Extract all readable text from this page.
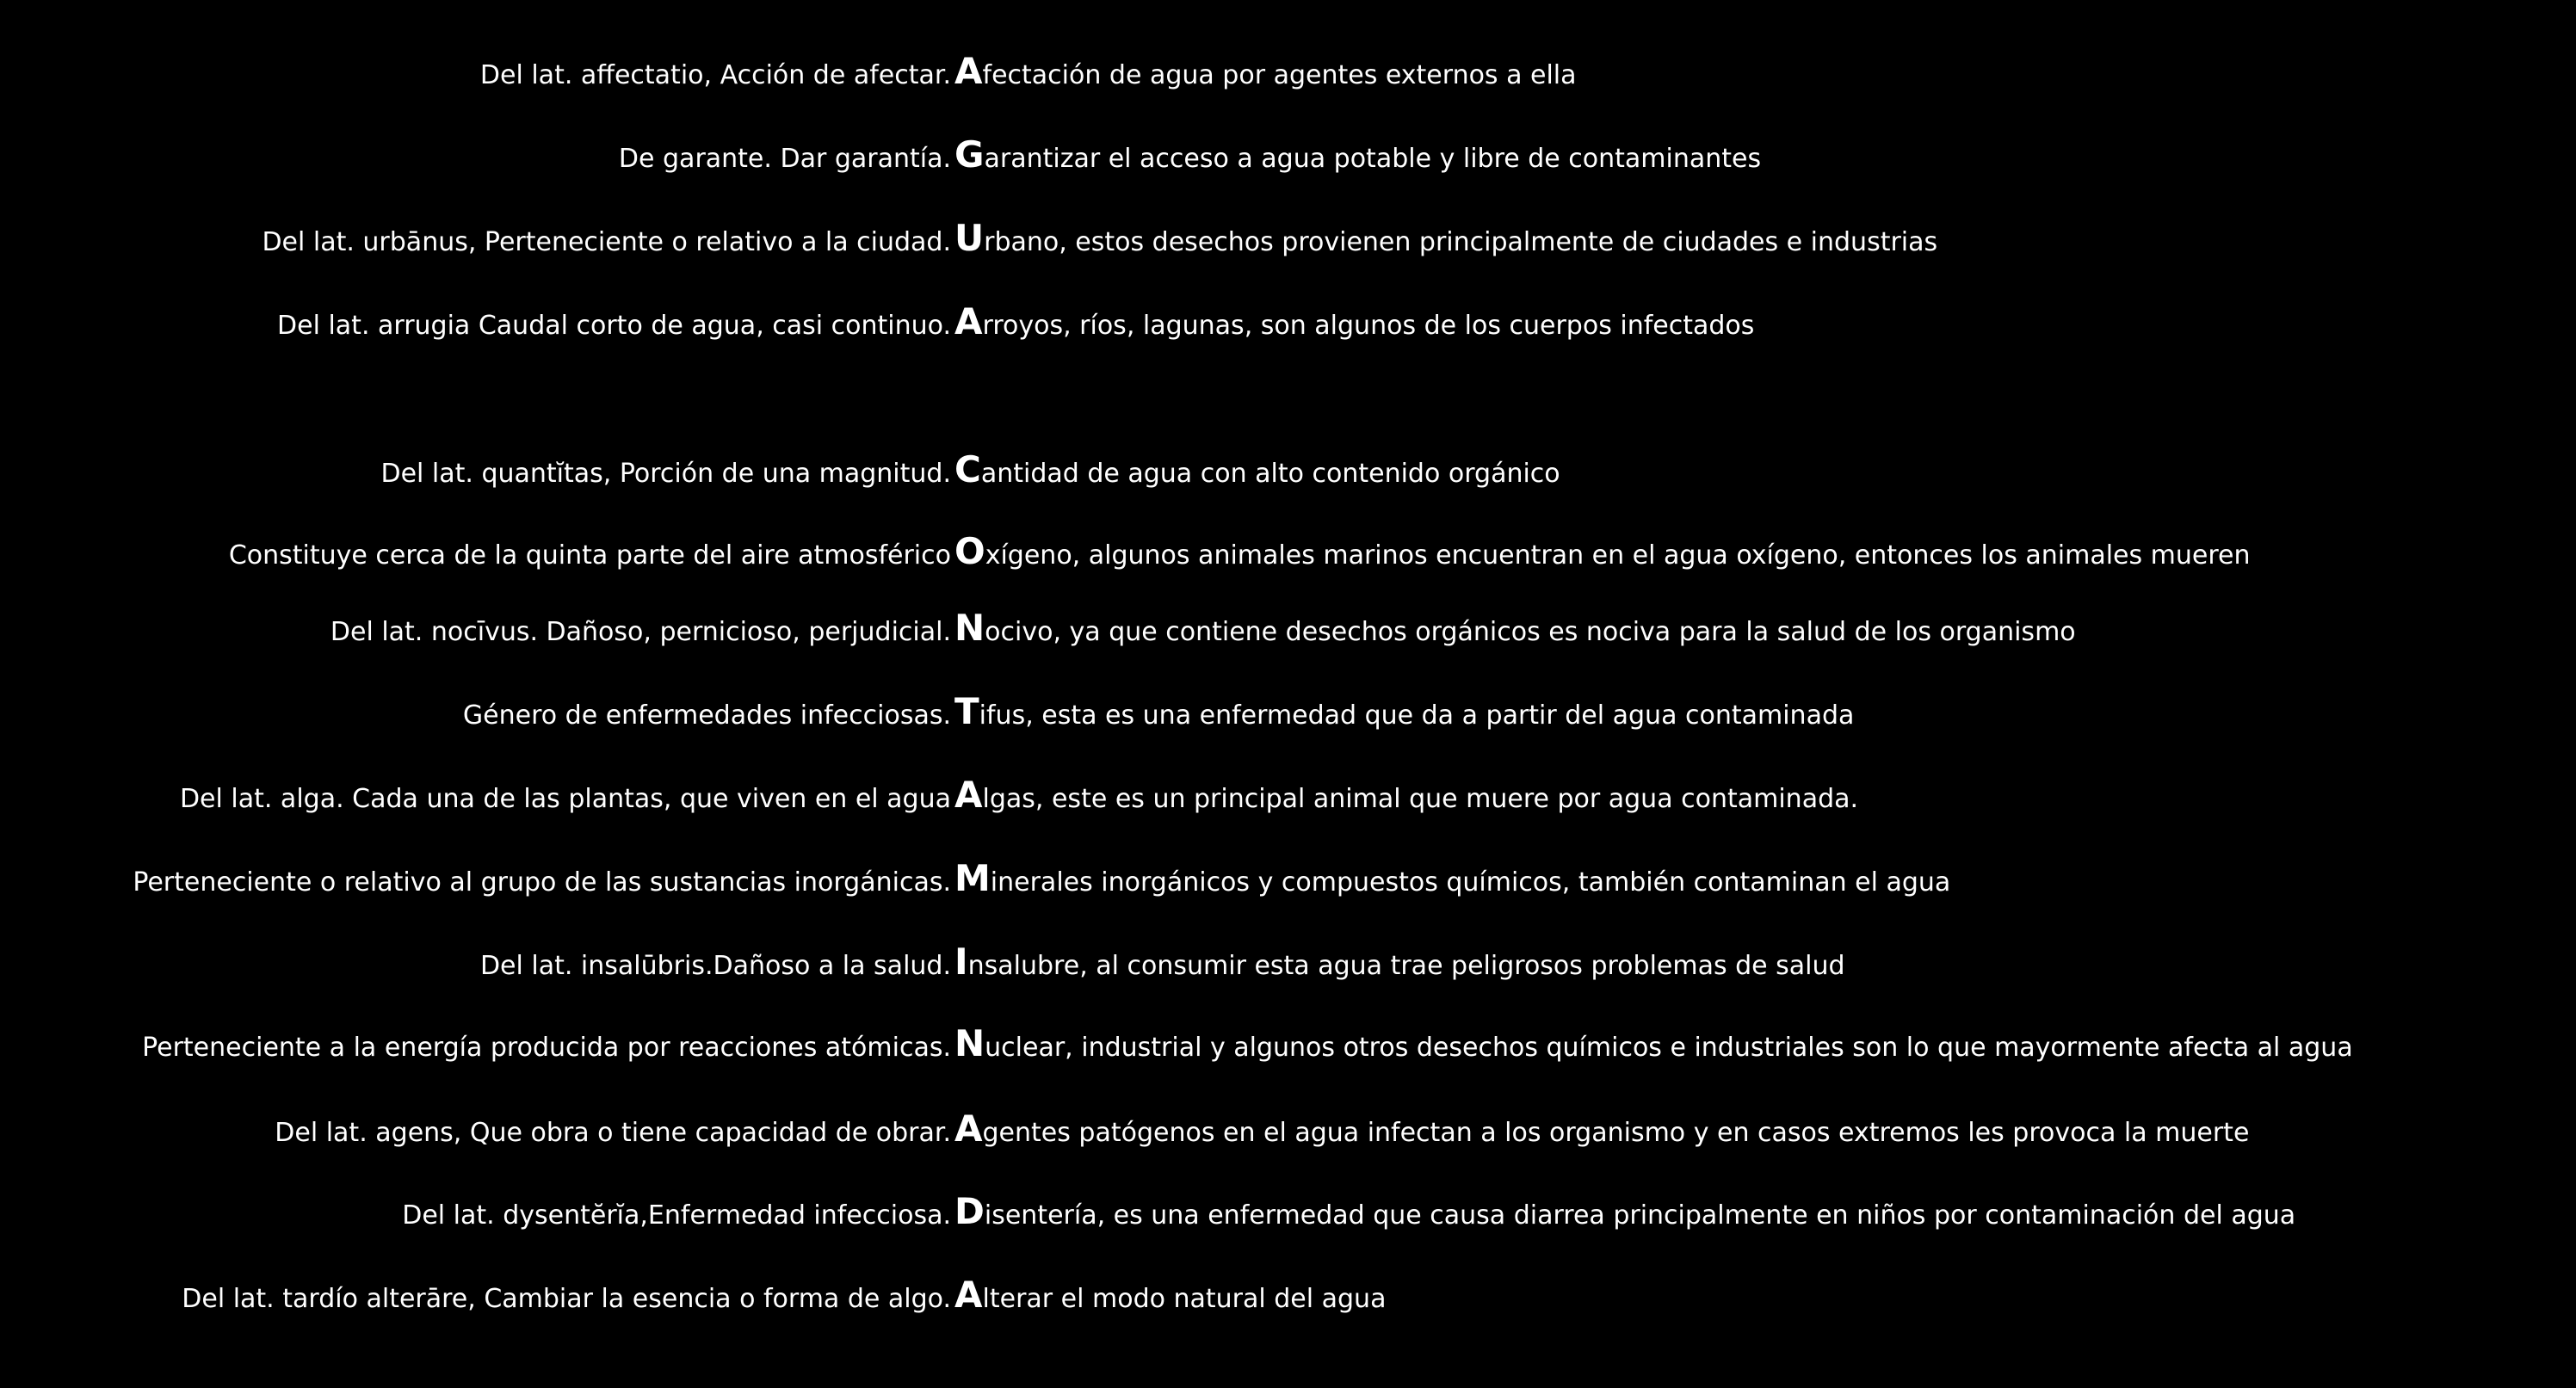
Del lat. affectatio, Acción de afectar. A fectación de agua por agentes externos a ella
De garante. Dar garantía. G arantizar el acceso a agua potable y libre de contaminantes
Del lat. urbānus, Perteneciente o relativo a la ciudad. U rbano, estos desechos provienen principalmente de ciudades e industrias
Del lat. arrugia Caudal corto de agua, casi continuo. A rroyos, ríos, lagunas, son algunos de los cuerpos infectados
Del lat. quantĭtas, Porción de una magnitud. C antidad de agua con alto contenido orgánico
Constituye cerca de la quinta parte del aire atmosférico O xígeno, algunos animales marinos encuentran en el agua oxígeno, entonces los animales mueren
Del lat. nocīvus. Dañoso, pernicioso, perjudicial. N ocivo, ya que contiene desechos orgánicos es nociva para la salud de los organismo
Género de enfermedades infecciosas. T ifus, esta es una enfermedad que da a partir del agua contaminada
Del lat. alga. Cada una de las plantas, que viven en el agua A lgas, este es un principal animal que muere por agua contaminada.
Perteneciente o relativo al grupo de las sustancias inorgánicas. M inerales inorgánicos y compuestos químicos, también contaminan el agua
Del lat. insalūbris.Dañoso a la salud. I nsalubre, al consumir esta agua trae peligrosos problemas de salud
Perteneciente a la energía producida por reacciones atómicas. N uclear, industrial y algunos otros desechos químicos e industriales son lo que mayormente afecta al agua
Del lat. agens, Que obra o tiene capacidad de obrar. A gentes patógenos en el agua infectan a los organismo y en casos extremos les provoca la muerte
Del lat. dysentĕrĭa,Enfermedad infecciosa. D isentería, es una enfermedad que causa diarrea principalmente en niños por contaminación del agua
Del lat. tardío alterāre, Cambiar la esencia o forma de algo. A lterar el modo natural del agua
